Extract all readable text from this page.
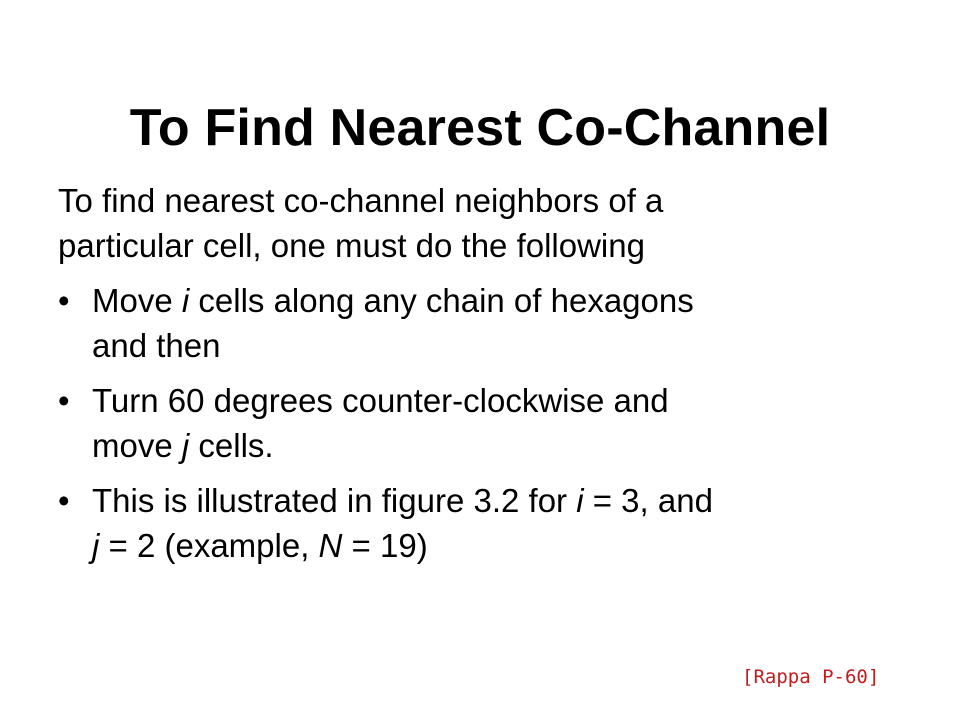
To Find Nearest Co-Channel

To find nearest co-channel neighbors of a
particular cell, one must do the following

• Move i cells along any chain of hexagons
and then
• Turn 60 degrees counter-clockwise and
move j cells.
• This is illustrated in figure 3.2 for i = 3, and
j = 2 (example, N = 19)
[Rappa P-60]
